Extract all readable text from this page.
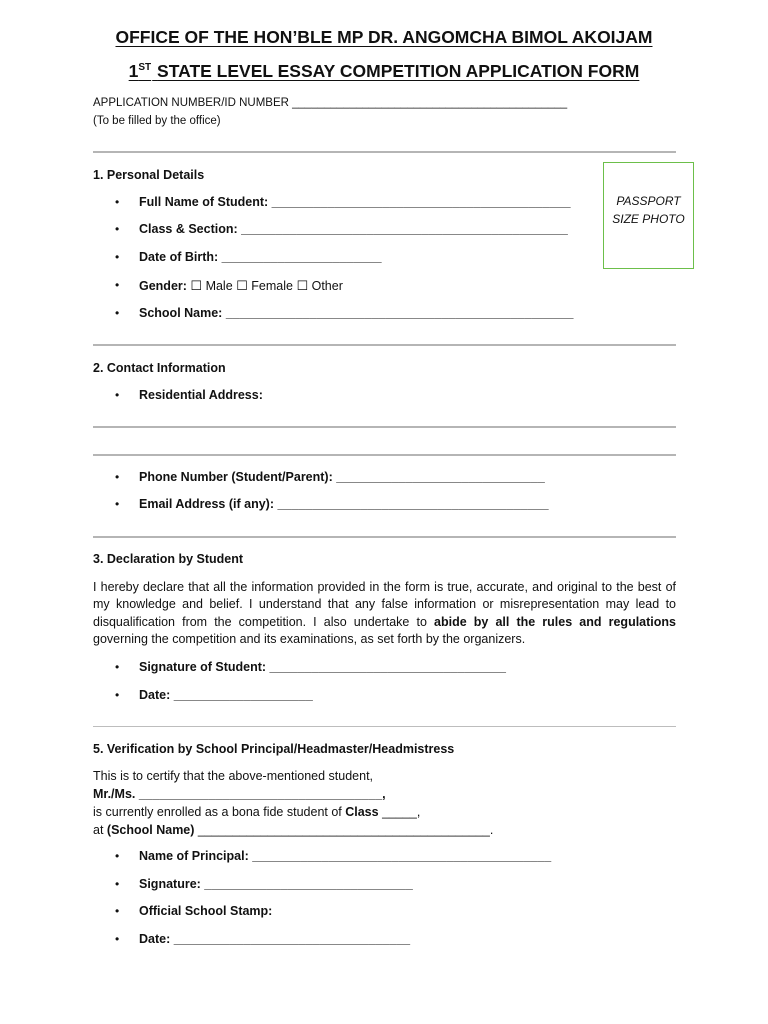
OFFICE OF THE HON’BLE MP DR. ANGOMCHA BIMOL AKOIJAM
1ST STATE LEVEL ESSAY COMPETITION APPLICATION FORM
APPLICATION NUMBER/ID NUMBER ___________________________________________
(To be filled by the office)
1. Personal Details
PASSPORT
SIZE PHOTO
• Full Name of Student: ___________________________________________
• Class & Section: _______________________________________________
• Date of Birth: _______________________
• Gender: ☐ Male ☐ Female ☐ Other
• School Name: __________________________________________________
2. Contact Information
• Residential Address:
• Phone Number (Student/Parent): ______________________________
• Email Address (if any): _______________________________________
3. Declaration by Student
I hereby declare that all the information provided in the form is true, accurate, and original to the best of my knowledge and belief. I understand that any false information or misrepresentation may lead to disqualification from the competition. I also undertake to abide by all the rules and regulations governing the competition and its examinations, as set forth by the organizers.
• Signature of Student: __________________________________
• Date: ____________________
5. Verification by School Principal/Headmaster/Headmistress
This is to certify that the above-mentioned student,
Mr./Ms. ___________________________________,
is currently enrolled as a bona fide student of Class _____,
at (School Name) __________________________________________.
• Name of Principal: ___________________________________________
• Signature: ______________________________
• Official School Stamp:
• Date: __________________________________
